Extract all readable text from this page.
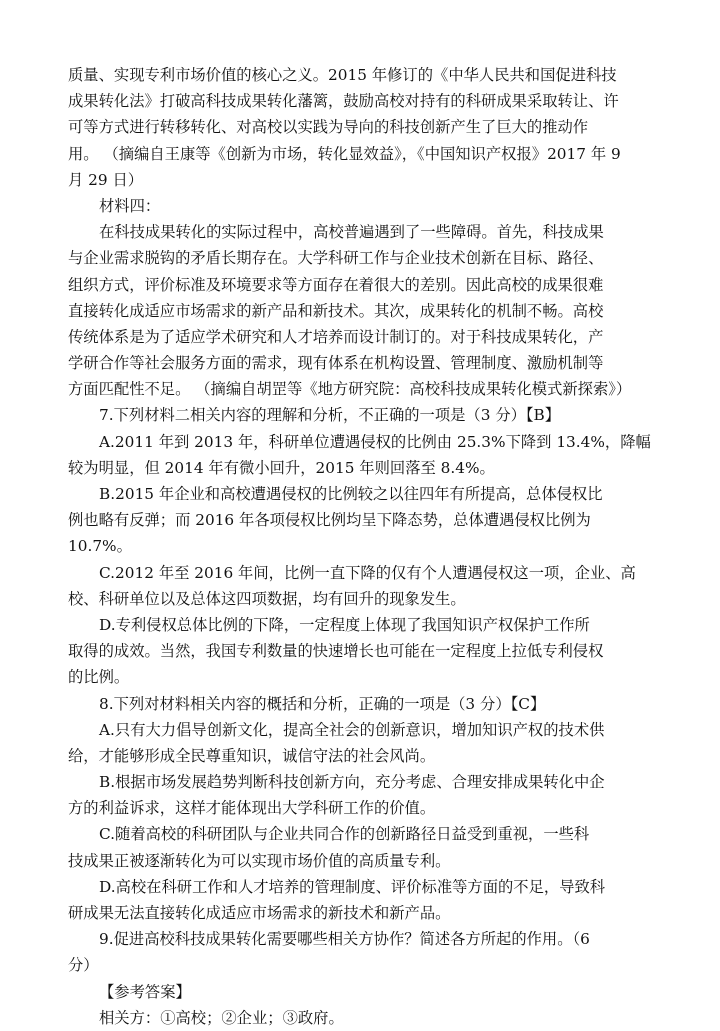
质量、实现专利市场价值的核心之义。2015 年修订的《中华人民共和国促进科技
成果转化法》打破高科技成果转化藩篱，鼓励高校对持有的科研成果采取转让、许
可等方式进行转移转化、对高校以实践为导向的科技创新产生了巨大的推动作
用。 （摘编自王康等《创新为市场，转化显效益》，《中国知识产权报》2017 年 9
月 29 日）
材料四：
在科技成果转化的实际过程中，高校普遍遇到了一些障碍。首先，科技成果
与企业需求脱钩的矛盾长期存在。大学科研工作与企业技术创新在目标、路径、
组织方式，评价标准及环境要求等方面存在着很大的差别。因此高校的成果很难
直接转化成适应市场需求的新产品和新技术。其次，成果转化的机制不畅。高校
传统体系是为了适应学术研究和人才培养而设计制订的。对于科技成果转化，产
学研合作等社会服务方面的需求，现有体系在机构设置、管理制度、激励机制等
方面匹配性不足。 （摘编自胡罡等《地方研究院：高校科技成果转化模式新探索》）
7.下列材料二相关内容的理解和分析，不正确的一项是（3 分）【B】
A.2011 年到 2013 年，科研单位遭遇侵权的比例由 25.3%下降到 13.4%，降幅
较为明显，但 2014 年有微小回升，2015 年则回落至 8.4%。
B.2015 年企业和高校遭遇侵权的比例较之以往四年有所提高，总体侵权比
例也略有反弹；而 2016 年各项侵权比例均呈下降态势，总体遭遇侵权比例为
10.7%。
C.2012 年至 2016 年间，比例一直下降的仅有个人遭遇侵权这一项，企业、高
校、科研单位以及总体这四项数据，均有回升的现象发生。
D.专利侵权总体比例的下降，一定程度上体现了我国知识产权保护工作所
取得的成效。当然，我国专利数量的快速增长也可能在一定程度上拉低专利侵权
的比例。
8.下列对材料相关内容的概括和分析，正确的一项是（3 分）【C】
A.只有大力倡导创新文化，提高全社会的创新意识，增加知识产权的技术供
给，才能够形成全民尊重知识，诚信守法的社会风尚。
B.根据市场发展趋势判断科技创新方向，充分考虑、合理安排成果转化中企
方的利益诉求，这样才能体现出大学科研工作的价值。
C.随着高校的科研团队与企业共同合作的创新路径日益受到重视，一些科
技成果正被逐渐转化为可以实现市场价值的高质量专利。
D.高校在科研工作和人才培养的管理制度、评价标准等方面的不足，导致科
研成果无法直接转化成适应市场需求的新技术和新产品。
9.促进高校科技成果转化需要哪些相关方协作？简述各方所起的作用。（6
分）
【参考答案】
相关方：①高校；②企业；③政府。
